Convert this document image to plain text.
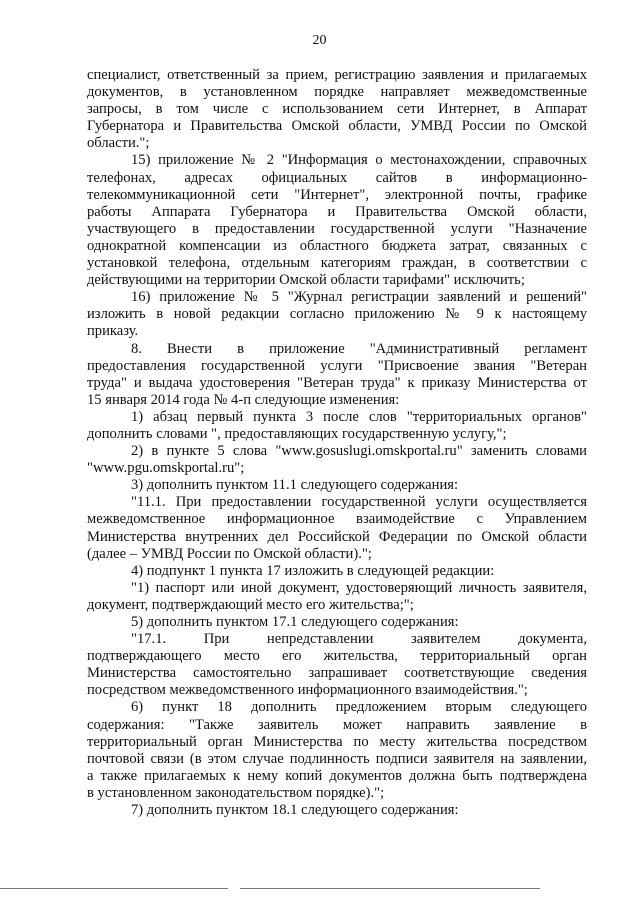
20
специалист, ответственный за прием, регистрацию заявления и прилагаемых
документов, в установленном порядке направляет межведомственные
запросы, в том числе с использованием сети Интернет, в Аппарат
Губернатора и Правительства Омской области, УМВД России по Омской
области.";
15) приложение № 2 "Информация о местонахождении, справочных
телефонах, адресах официальных сайтов в информационно-
телекоммуникационной сети "Интернет", электронной почты, графике
работы Аппарата Губернатора и Правительства Омской области,
участвующего в предоставлении государственной услуги "Назначение
однократной компенсации из областного бюджета затрат, связанных с
установкой телефона, отдельным категориям граждан, в соответствии с
действующими на территории Омской области тарифами" исключить;
16) приложение № 5 "Журнал регистрации заявлений и решений"
изложить в новой редакции согласно приложению № 9 к настоящему
приказу.
8. Внести в приложение "Административный регламент
предоставления государственной услуги "Присвоение звания "Ветеран
труда" и выдача удостоверения "Ветеран труда" к приказу Министерства от
15 января 2014 года № 4-п следующие изменения:
1) абзац первый пункта 3 после слов "территориальных органов"
дополнить словами ", предоставляющих государственную услугу,";
2) в пункте 5 слова "www.gosuslugi.omskportal.ru" заменить словами
"www.pgu.omskportal.ru";
3) дополнить пунктом 11.1 следующего содержания:
"11.1. При предоставлении государственной услуги осуществляется
межведомственное информационное взаимодействие с Управлением
Министерства внутренних дел Российской Федерации по Омской области
(далее – УМВД России по Омской области).";
4) подпункт 1 пункта 17 изложить в следующей редакции:
"1) паспорт или иной документ, удостоверяющий личность заявителя,
документ, подтверждающий место его жительства;";
5) дополнить пунктом 17.1 следующего содержания:
"17.1. При непредставлении заявителем документа,
подтверждающего место его жительства, территориальный орган
Министерства самостоятельно запрашивает соответствующие сведения
посредством межведомственного информационного взаимодействия.";
6) пункт 18 дополнить предложением вторым следующего
содержания: "Также заявитель может направить заявление в
территориальный орган Министерства по месту жительства посредством
почтовой связи (в этом случае подлинность подписи заявителя на заявлении,
а также прилагаемых к нему копий документов должна быть подтверждена
в установленном законодательством порядке).";
7) дополнить пунктом 18.1 следующего содержания:
